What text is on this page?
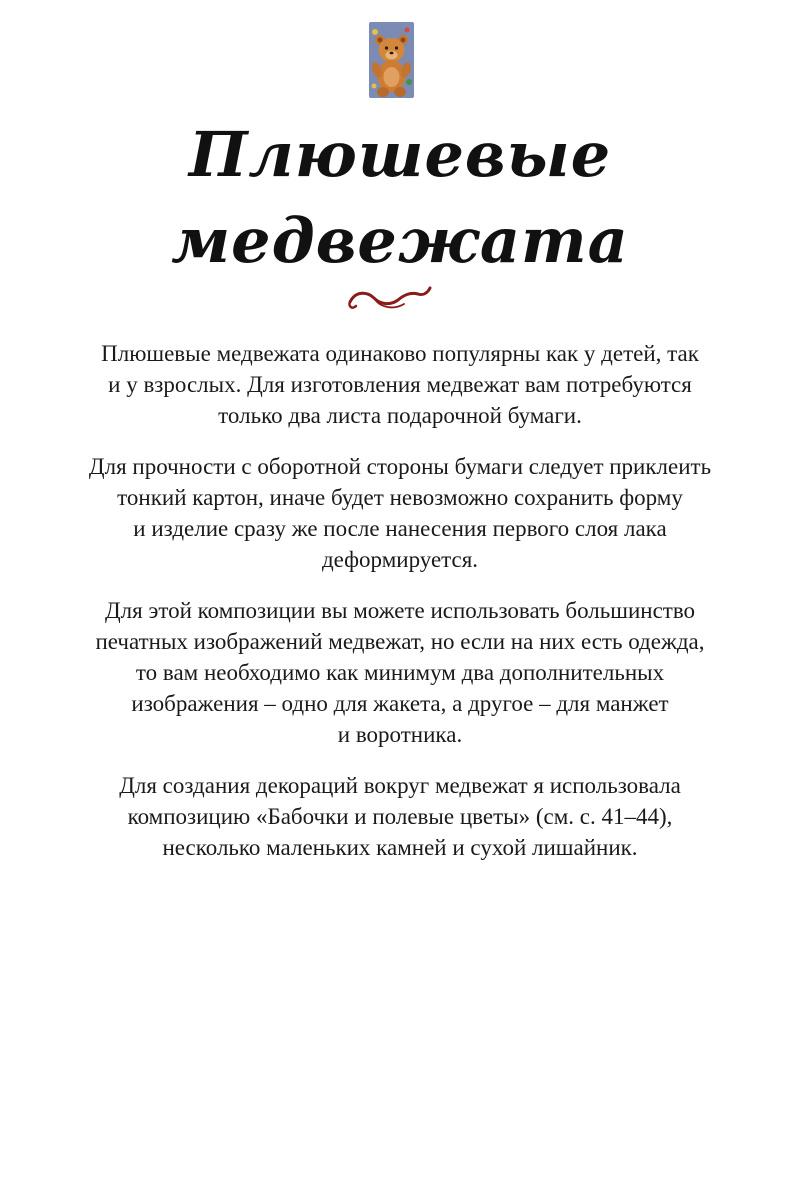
Плюшевые
медвежата

Плюшевые медвежата одинаково популярны как у детей, так
и у взрослых. Для изготовления медвежат вам потребуются
только два листа подарочной бумаги.

Для прочности с оборотной стороны бумаги следует приклеить
тонкий картон, иначе будет невозможно сохранить форму
и изделие сразу же после нанесения первого слоя лака
деформируется.

Для этой композиции вы можете использовать большинство
печатных изображений медвежат, но если на них есть одежда,
то вам необходимо как минимум два дополнительных
изображения – одно для жакета, а другое – для манжет
и воротника.

Для создания декораций вокруг медвежат я использовала
композицию «Бабочки и полевые цветы» (см. с. 41–44),
несколько маленьких камней и сухой лишайник.
